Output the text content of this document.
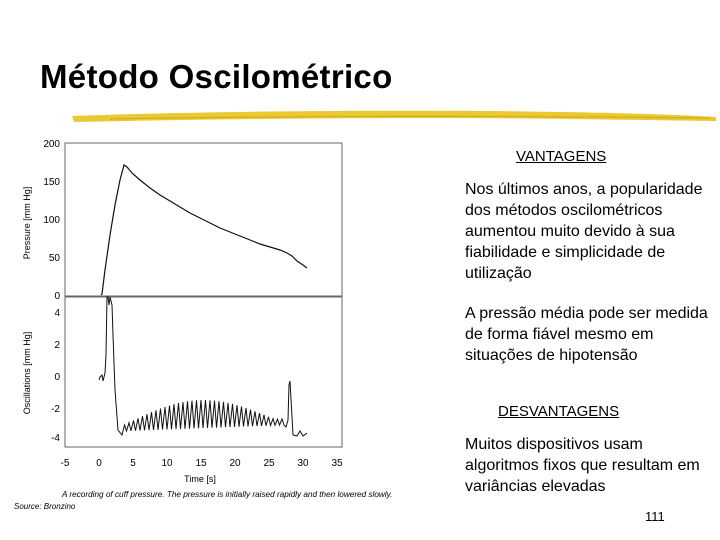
Método Oscilométrico
200
150
100
50
0
4
2
0
-2
-4
Pressure [mm Hg]
Oscillations [mm Hg]
-5	0	5	10 15 20 25 30 35
Time [s]
A recording of cuff pressure. The pressure is initially raised rapidly and then lowered slowly.
Source: Bronzino
VANTAGENS

Nos últimos anos, a popularidade dos métodos oscilométricos aumentou muito devido à sua fiabilidade e simplicidade de utilização

A pressão média pode ser medida de forma fiável mesmo em situações de hipotensão

DESVANTAGENS

Muitos dispositivos usam algoritmos fixos que resultam em variâncias elevadas

111
